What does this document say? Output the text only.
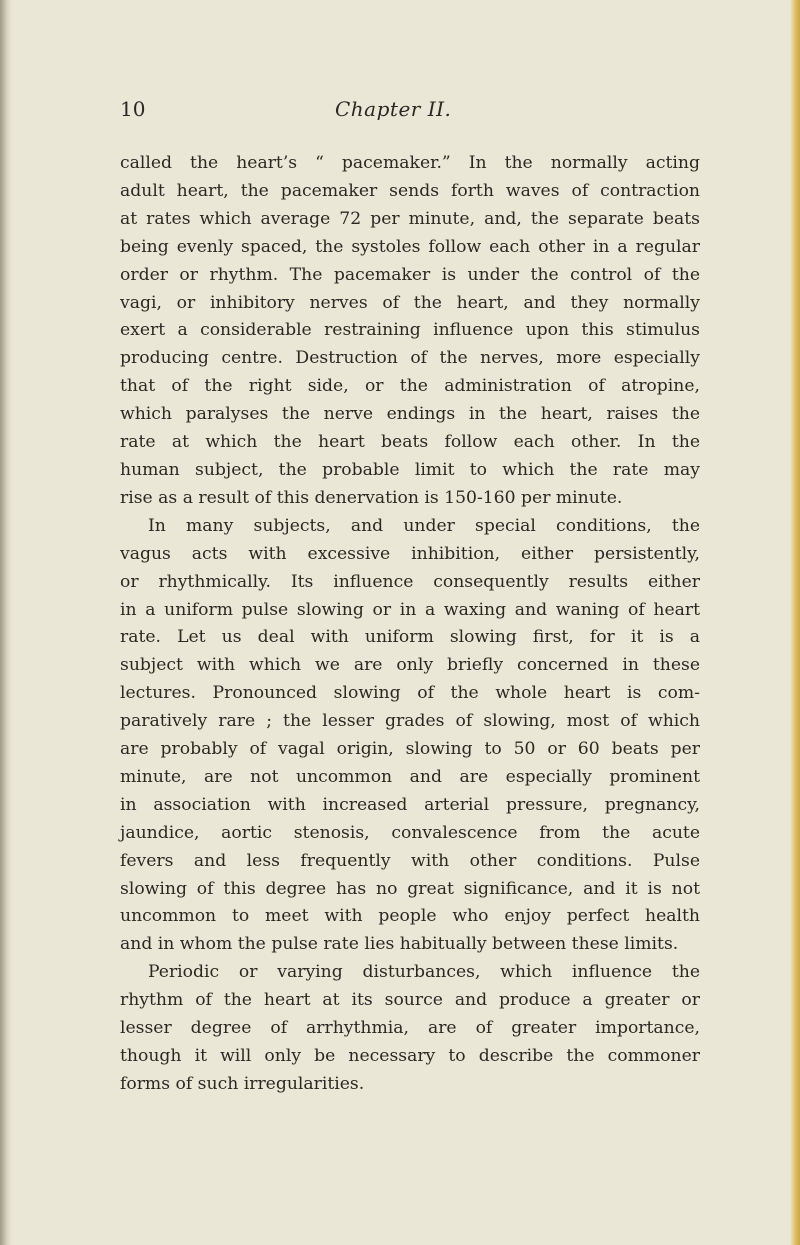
10	Chapter II.
called the heart’s “ pacemaker.” In the normally acting
adult heart, the pacemaker sends forth waves of contraction
at rates which average 72 per minute, and, the separate beats
being evenly spaced, the systoles follow each other in a regular
order or rhythm. The pacemaker is under the control of the
vagi, or inhibitory nerves of the heart, and they normally
exert a considerable restraining influence upon this stimulus
producing centre. Destruction of the nerves, more especially
that of the right side, or the administration of atropine,
which paralyses the nerve endings in the heart, raises the
rate at which the heart beats follow each other. In the
human subject, the probable limit to which the rate may
rise as a result of this denervation is 150-160 per minute.
In many subjects, and under special conditions, the
vagus acts with excessive inhibition, either persistently,
or rhythmically. Its influence consequently results either
in a uniform pulse slowing or in a waxing and waning of heart
rate. Let us deal with uniform slowing first, for it is a
subject with which we are only briefly concerned in these
lectures. Pronounced slowing of the whole heart is com-
paratively rare ; the lesser grades of slowing, most of which
are probably of vagal origin, slowing to 50 or 60 beats per
minute, are not uncommon and are especially prominent
in association with increased arterial pressure, pregnancy,
jaundice, aortic stenosis, convalescence from the acute
fevers and less frequently with other conditions. Pulse
slowing of this degree has no great significance, and it is not
uncommon to meet with people who enjoy perfect health
and in whom the pulse rate lies habitually between these limits.
Periodic or varying disturbances, which influence the
rhythm of the heart at its source and produce a greater or
lesser degree of arrhythmia, are of greater importance,
though it will only be necessary to describe the commoner
forms of such irregularities.
